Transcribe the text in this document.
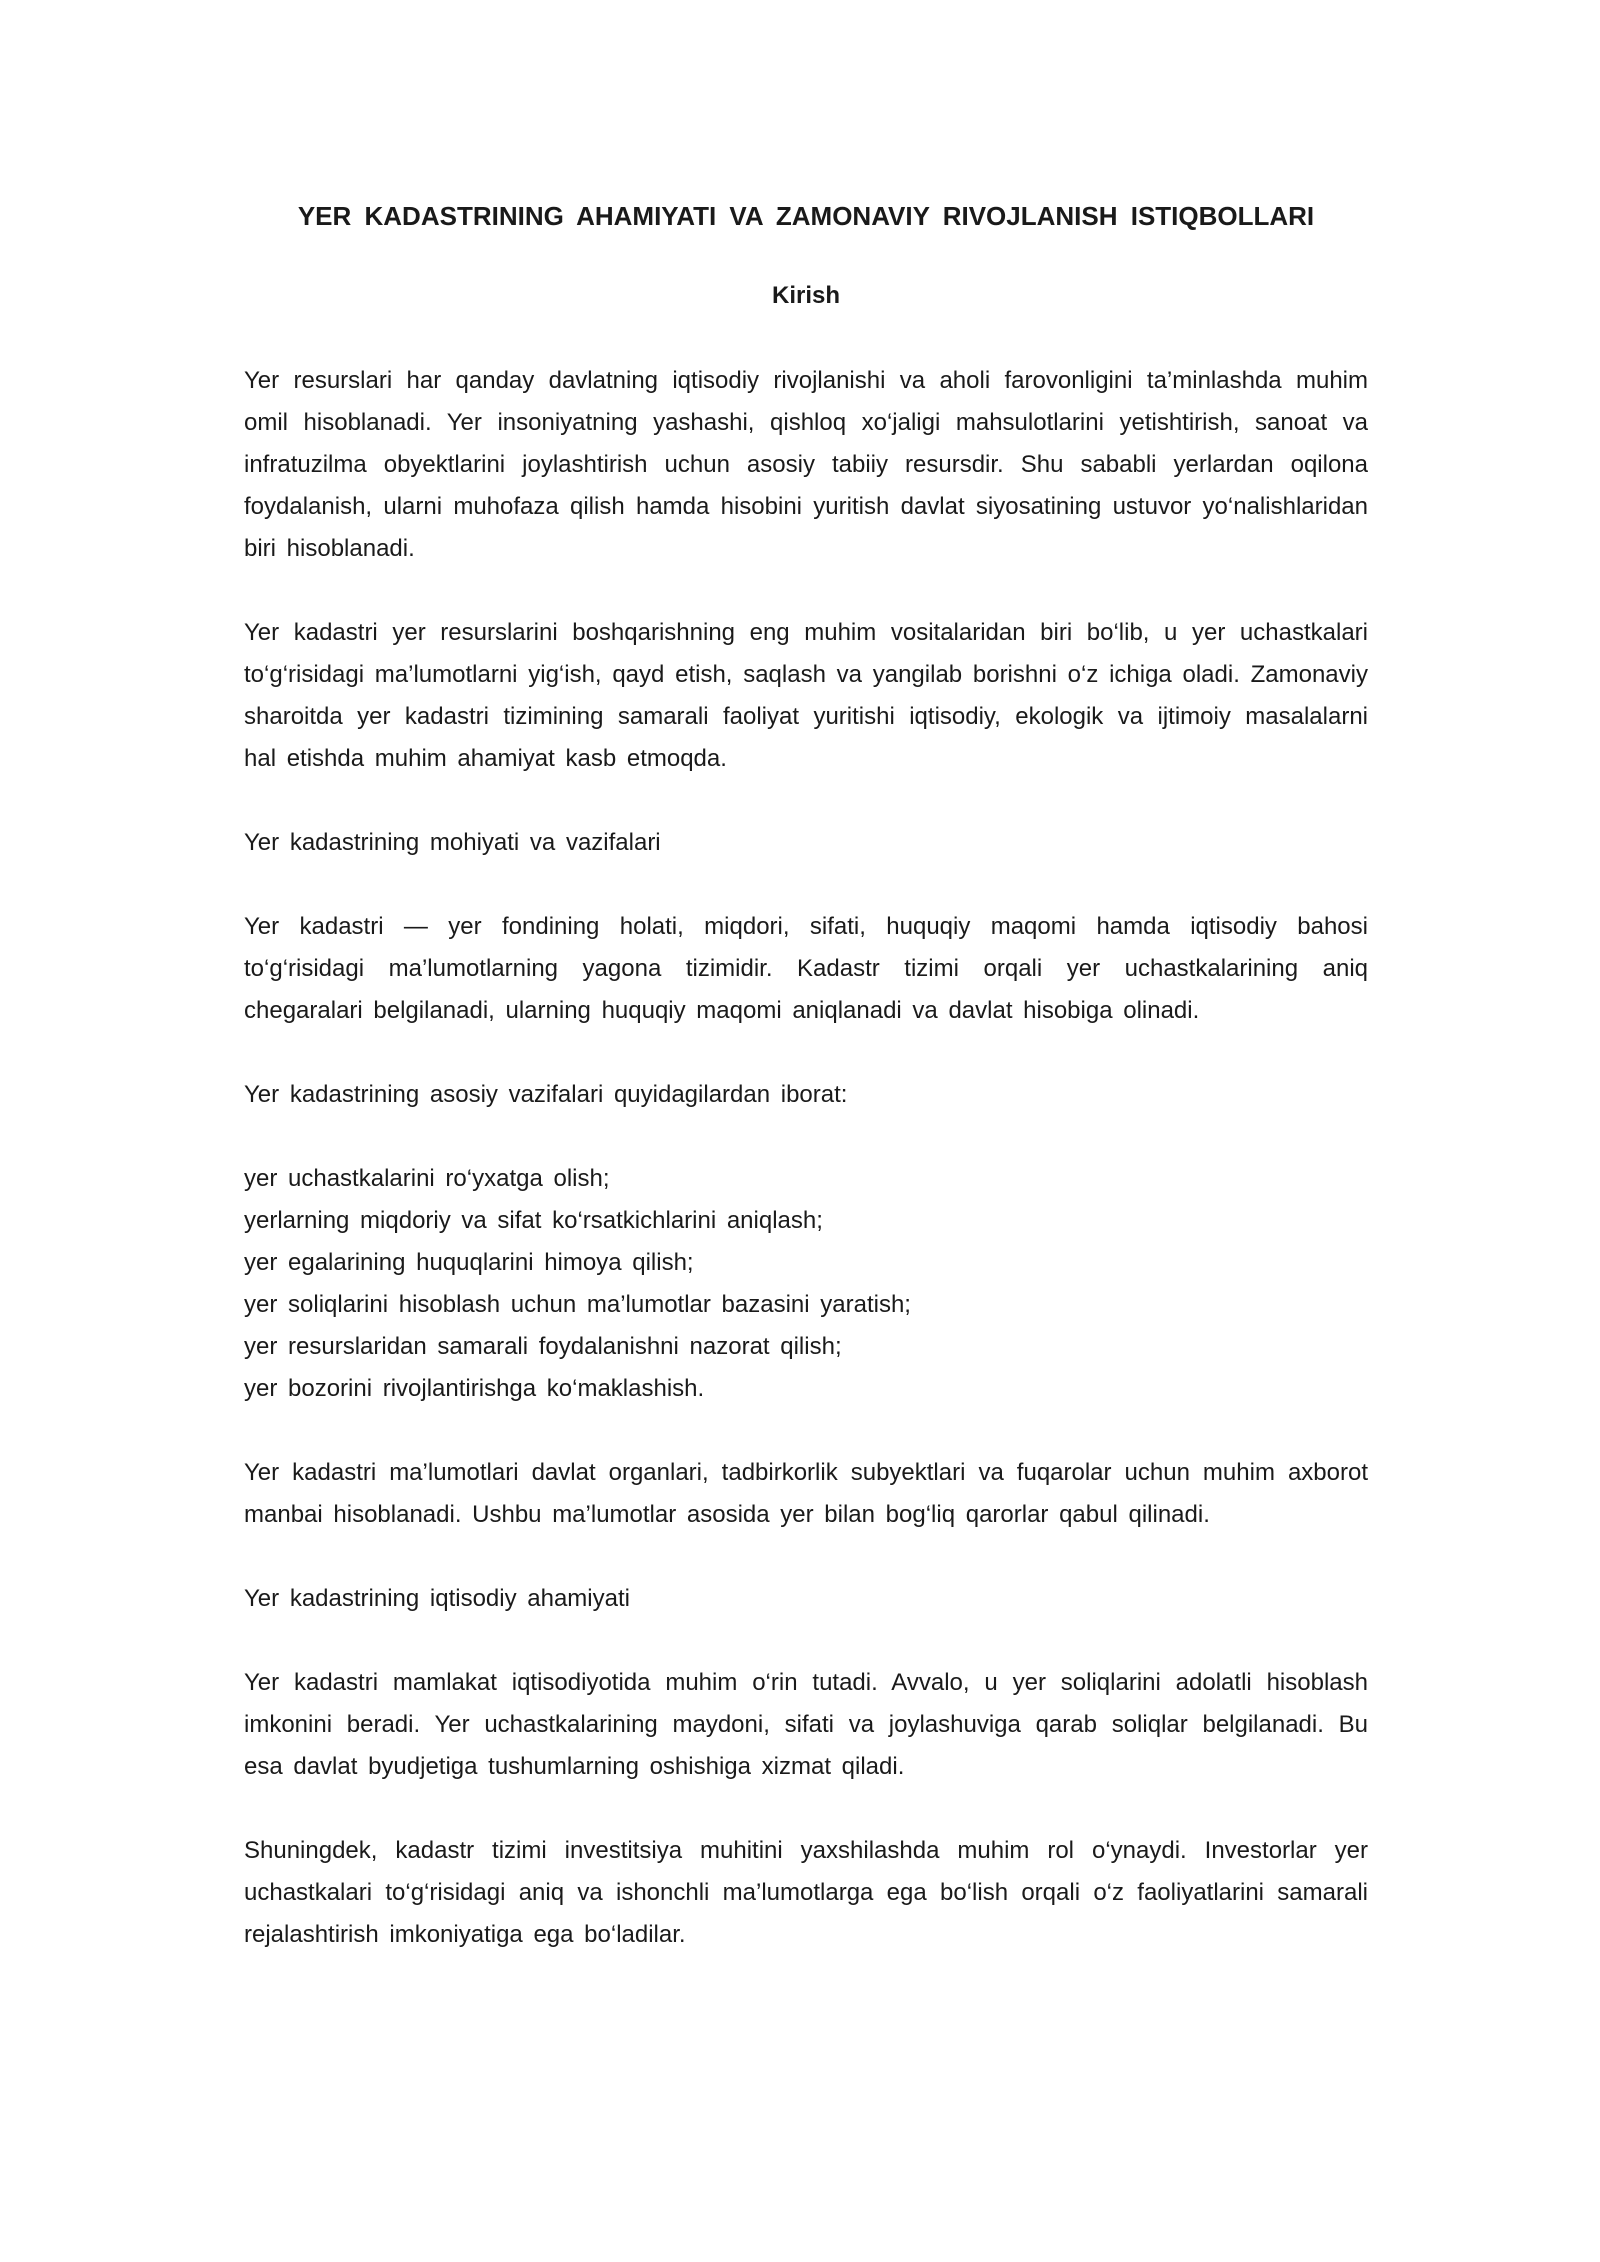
YER KADASTRINING AHAMIYATI VA ZAMONAVIY RIVOJLANISH ISTIQBOLLARI
Kirish

Yer resurslari har qanday davlatning iqtisodiy rivojlanishi va aholi farovonligini ta’minlashda muhim omil hisoblanadi. Yer insoniyatning yashashi, qishloq xo‘jaligi mahsulotlarini yetishtirish, sanoat va infratuzilma obyektlarini joylashtirish uchun asosiy tabiiy resursdir. Shu sababli yerlardan oqilona foydalanish, ularni muhofaza qilish hamda hisobini yuritish davlat siyosatining ustuvor yo‘nalishlaridan biri hisoblanadi.

Yer kadastri yer resurslarini boshqarishning eng muhim vositalaridan biri bo‘lib, u yer uchastkalari to‘g‘risidagi ma’lumotlarni yig‘ish, qayd etish, saqlash va yangilab borishni o‘z ichiga oladi. Zamonaviy sharoitda yer kadastri tizimining samarali faoliyat yuritishi iqtisodiy, ekologik va ijtimoiy masalalarni hal etishda muhim ahamiyat kasb etmoqda.

Yer kadastrining mohiyati va vazifalari

Yer kadastri — yer fondining holati, miqdori, sifati, huquqiy maqomi hamda iqtisodiy bahosi to‘g‘risidagi ma’lumotlarning yagona tizimidir. Kadastr tizimi orqali yer uchastkalarining aniq chegaralari belgilanadi, ularning huquqiy maqomi aniqlanadi va davlat hisobiga olinadi.

Yer kadastrining asosiy vazifalari quyidagilardan iborat:

yer uchastkalarini ro‘yxatga olish;
yerlarning miqdoriy va sifat ko‘rsatkichlarini aniqlash;
yer egalarining huquqlarini himoya qilish;
yer soliqlarini hisoblash uchun ma’lumotlar bazasini yaratish;
yer resurslaridan samarali foydalanishni nazorat qilish;
yer bozorini rivojlantirishga ko‘maklashish.

Yer kadastri ma’lumotlari davlat organlari, tadbirkorlik subyektlari va fuqarolar uchun muhim axborot manbai hisoblanadi. Ushbu ma’lumotlar asosida yer bilan bog‘liq qarorlar qabul qilinadi.

Yer kadastrining iqtisodiy ahamiyati

Yer kadastri mamlakat iqtisodiyotida muhim o‘rin tutadi. Avvalo, u yer soliqlarini adolatli hisoblash imkonini beradi. Yer uchastkalarining maydoni, sifati va joylashuviga qarab soliqlar belgilanadi. Bu esa davlat byudjetiga tushumlarning oshishiga xizmat qiladi.

Shuningdek, kadastr tizimi investitsiya muhitini yaxshilashda muhim rol o‘ynaydi. Investorlar yer uchastkalari to‘g‘risidagi aniq va ishonchli ma’lumotlarga ega bo‘lish orqali o‘z faoliyatlarini samarali rejalashtirish imkoniyatiga ega bo‘ladilar.
